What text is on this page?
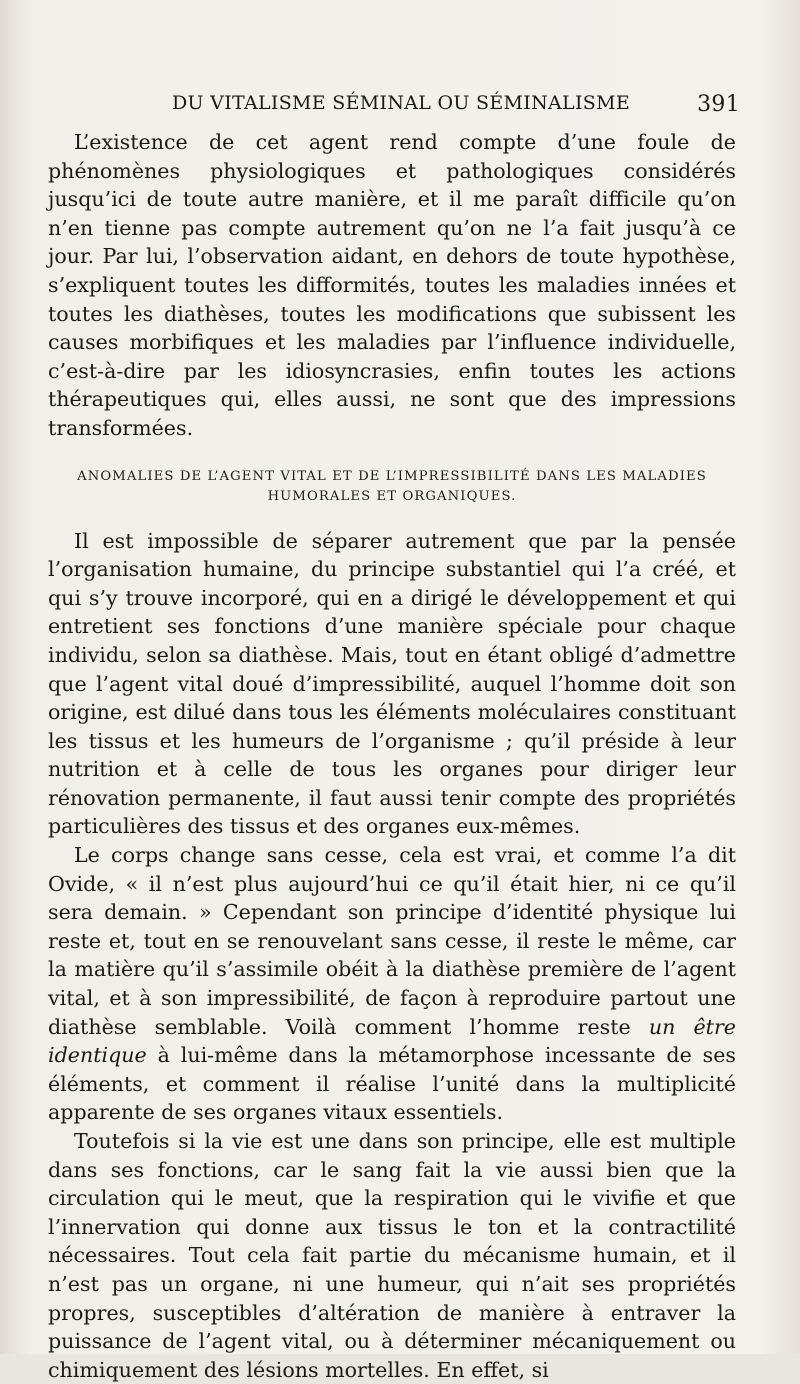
DU VITALISME SÉMINAL OU SÉMINALISME	391

L’existence de cet agent rend compte d’une foule de phénomènes physiologiques et pathologiques considérés jusqu’ici de toute autre manière, et il me paraît difficile qu’on n’en tienne pas compte autrement qu’on ne l’a fait jusqu’à ce jour. Par lui, l’observation aidant, en dehors de toute hypothèse, s’expliquent toutes les difformités, toutes les maladies innées et toutes les diathèses, toutes les modifications que subissent les causes morbifiques et les maladies par l’influence individuelle, c’est-à-dire par les idiosyncrasies, enfin toutes les actions thérapeutiques qui, elles aussi, ne sont que des impressions transformées.

ANOMALIES DE L’AGENT VITAL ET DE L’IMPRESSIBILITÉ DANS LES MALADIES
HUMORALES ET ORGANIQUES.

Il est impossible de séparer autrement que par la pensée l’organisation humaine, du principe substantiel qui l’a créé, et qui s’y trouve incorporé, qui en a dirigé le développement et qui entretient ses fonctions d’une manière spéciale pour chaque individu, selon sa diathèse. Mais, tout en étant obligé d’admettre que l’agent vital doué d’impressibilité, auquel l’homme doit son origine, est dilué dans tous les éléments moléculaires constituant les tissus et les humeurs de l’organisme ; qu’il préside à leur nutrition et à celle de tous les organes pour diriger leur rénovation permanente, il faut aussi tenir compte des propriétés particulières des tissus et des organes eux-mêmes.

Le corps change sans cesse, cela est vrai, et comme l’a dit Ovide, « il n’est plus aujourd’hui ce qu’il était hier, ni ce qu’il sera demain. » Cependant son principe d’identité physique lui reste et, tout en se renouvelant sans cesse, il reste le même, car la matière qu’il s’assimile obéit à la diathèse première de l’agent vital, et à son impressibilité, de façon à reproduire partout une diathèse semblable. Voilà comment l’homme reste un être identique à lui-même dans la métamorphose incessante de ses éléments, et comment il réalise l’unité dans la multiplicité apparente de ses organes vitaux essentiels.

Toutefois si la vie est une dans son principe, elle est multiple dans ses fonctions, car le sang fait la vie aussi bien que la circulation qui le meut, que la respiration qui le vivifie et que l’innervation qui donne aux tissus le ton et la contractilité nécessaires. Tout cela fait partie du mécanisme humain, et il n’est pas un organe, ni une humeur, qui n’ait ses propriétés propres, susceptibles d’altération de manière à entraver la puissance de l’agent vital, ou à déterminer mécaniquement ou chimiquement des lésions mortelles. En effet, si
